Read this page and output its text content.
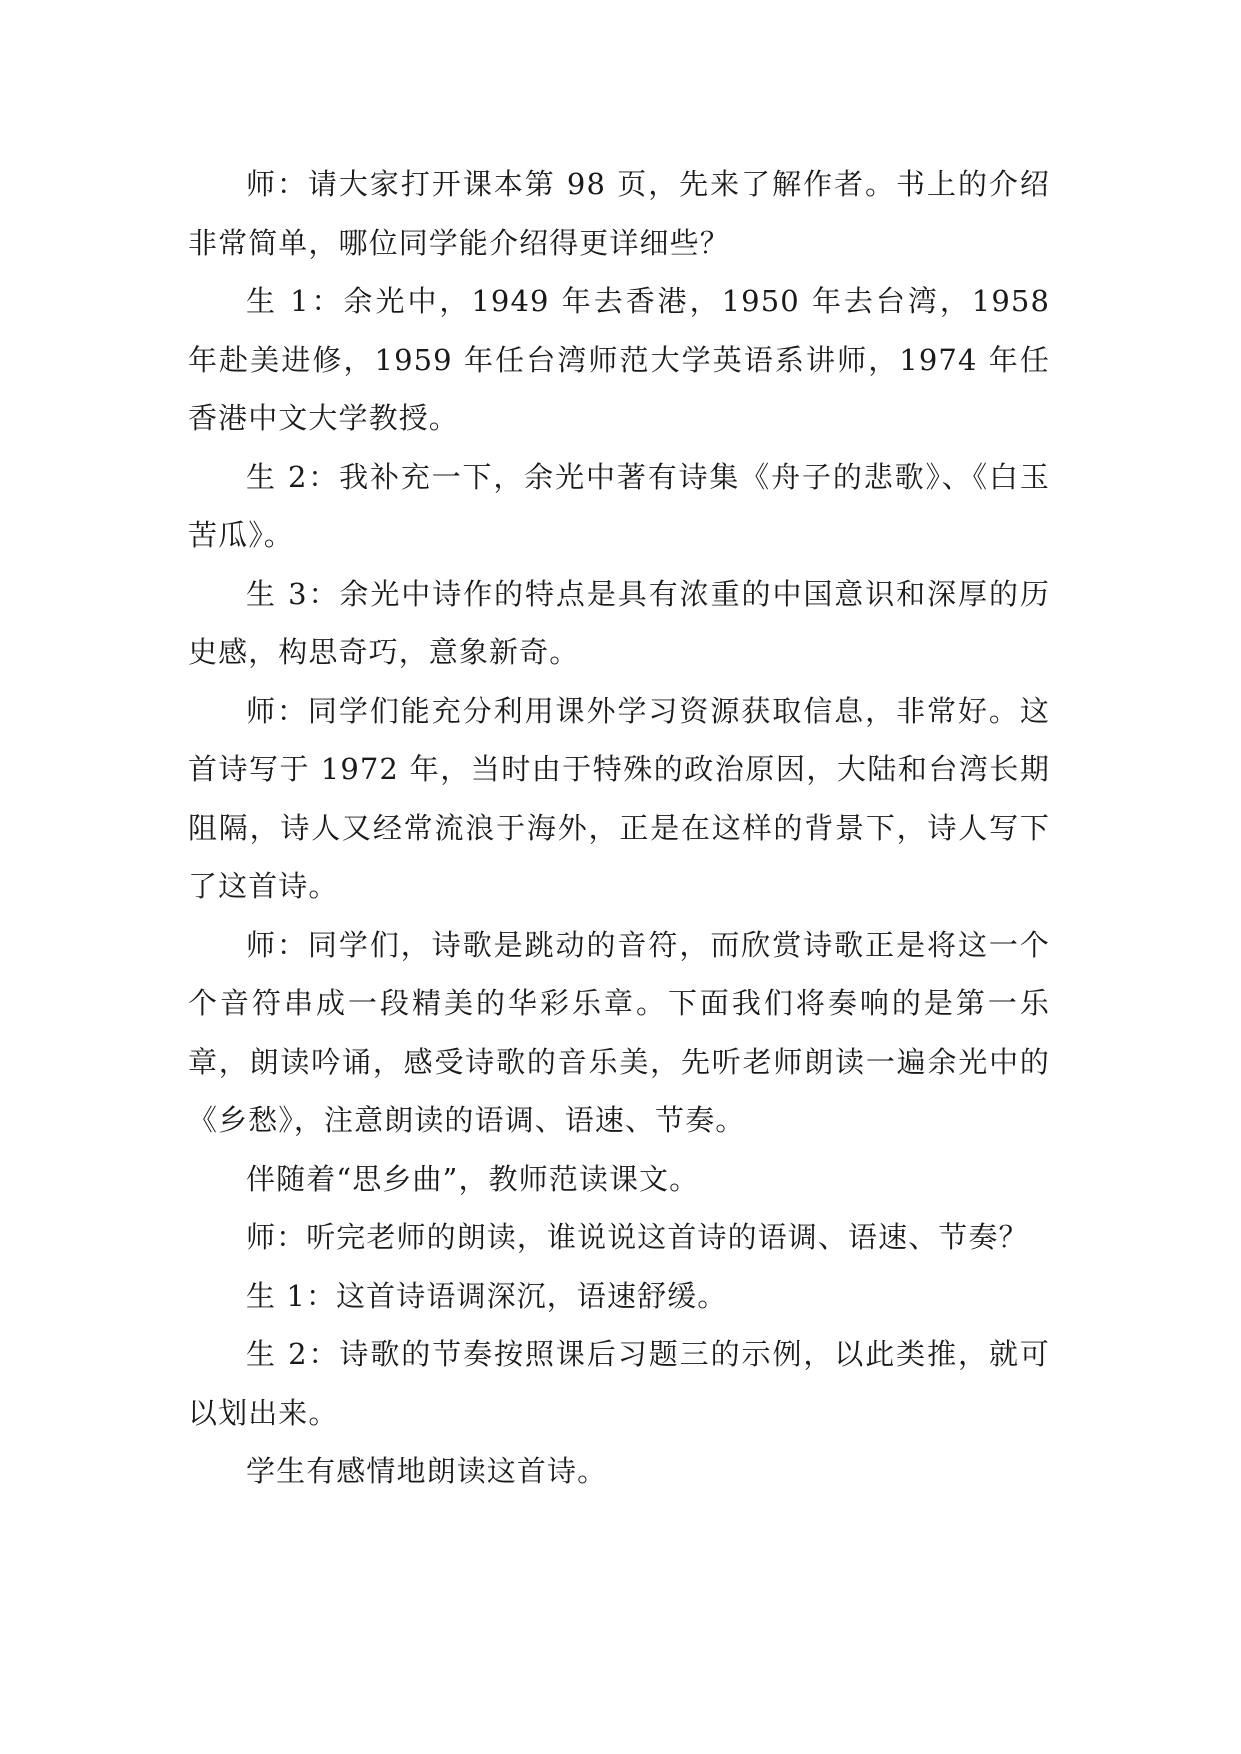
师：请大家打开课本第 98 页，先来了解作者。书上的介绍非常简单，哪位同学能介绍得更详细些？

生 1：余光中，1949 年去香港，1950 年去台湾，1958 年赴美进修，1959 年任台湾师范大学英语系讲师，1974 年任香港中文大学教授。

生 2：我补充一下，余光中著有诗集《舟子的悲歌》、《白玉苦瓜》。

生 3：余光中诗作的特点是具有浓重的中国意识和深厚的历史感，构思奇巧，意象新奇。

师：同学们能充分利用课外学习资源获取信息，非常好。这首诗写于 1972 年，当时由于特殊的政治原因，大陆和台湾长期阻隔，诗人又经常流浪于海外，正是在这样的背景下，诗人写下了这首诗。

师：同学们，诗歌是跳动的音符，而欣赏诗歌正是将这一个个音符串成一段精美的华彩乐章。下面我们将奏响的是第一乐章，朗读吟诵，感受诗歌的音乐美，先听老师朗读一遍余光中的《乡愁》，注意朗读的语调、语速、节奏。

伴随着“思乡曲”，教师范读课文。

师：听完老师的朗读，谁说说这首诗的语调、语速、节奏？

生 1：这首诗语调深沉，语速舒缓。

生 2：诗歌的节奏按照课后习题三的示例，以此类推，就可以划出来。

学生有感情地朗读这首诗。
